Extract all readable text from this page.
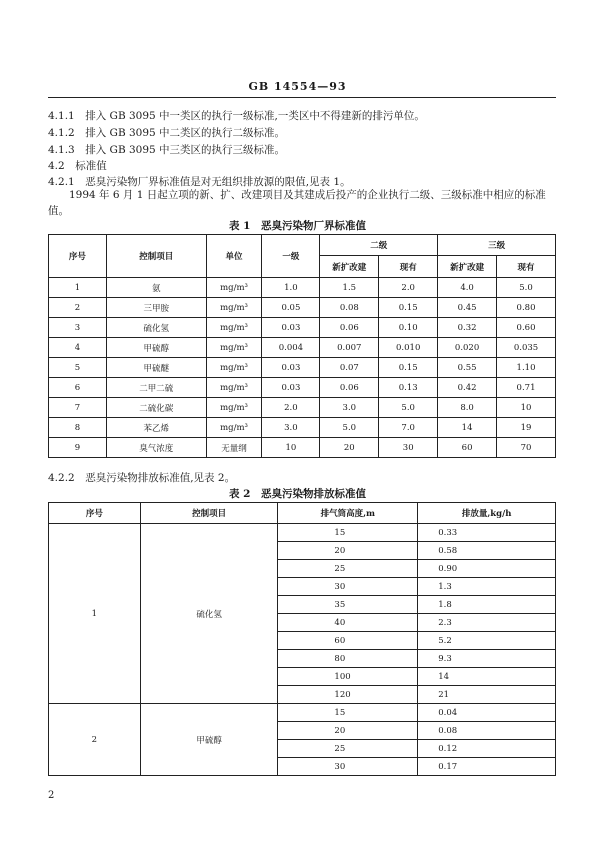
GB 14554—93
4.1.1　排入 GB 3095 中一类区的执行一级标准,一类区中不得建新的排污单位。
4.1.2　排入 GB 3095 中二类区的执行二级标准。
4.1.3　排入 GB 3095 中三类区的执行三级标准。
4.2　标准值
4.2.1　恶臭污染物厂界标准值是对无组织排放源的限值,见表 1。
1994 年 6 月 1 日起立项的新、扩、改建项目及其建成后投产的企业执行二级、三级标准中相应的标准值。
表 1　恶臭污染物厂界标准值
序号	控制项目	单位	一级	二级		三级	
				新扩改建	现有	新扩改建	现有
1	氨	mg/m³	1.0	1.5	2.0	4.0	5.0
2	三甲胺	mg/m³	0.05	0.08	0.15	0.45	0.80
3	硫化氢	mg/m³	0.03	0.06	0.10	0.32	0.60
4	甲硫醇	mg/m³	0.004	0.007	0.010	0.020	0.035
5	甲硫醚	mg/m³	0.03	0.07	0.15	0.55	1.10
6	二甲二硫	mg/m³	0.03	0.06	0.13	0.42	0.71
7	二硫化碳	mg/m³	2.0	3.0	5.0	8.0	10
8	苯乙烯	mg/m³	3.0	5.0	7.0	14	19
9	臭气浓度	无量纲	10	20	30	60	70
4.2.2　恶臭污染物排放标准值,见表 2。
表 2　恶臭污染物排放标准值
序号	控制项目	排气筒高度,m	排放量,kg/h
1	硫化氢	15	0.33
		20	0.58
		25	0.90
		30	1.3
		35	1.8
		40	2.3
		60	5.2
		80	9.3
		100	14
		120	21
2	甲硫醇	15	0.04
		20	0.08
		25	0.12
		30	0.17
2
